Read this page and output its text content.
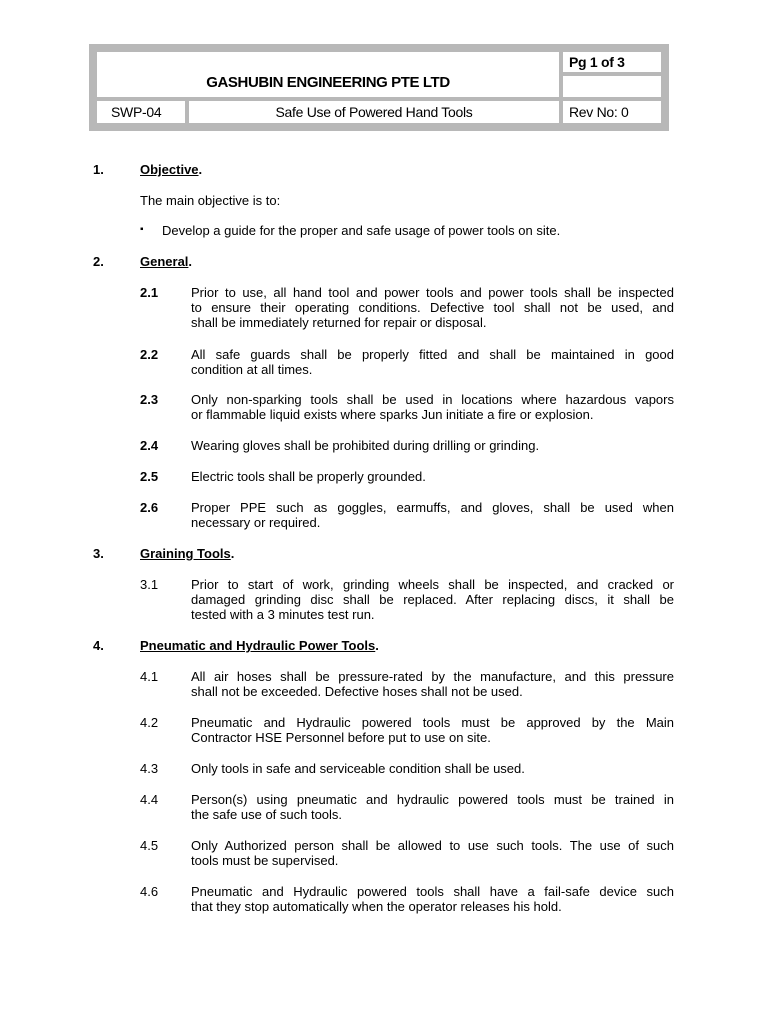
GASHUBIN ENGINEERING PTE LTD
Pg 1 of 3
SWP-04	Safe Use of Powered Hand Tools	Rev No: 0
1.	Objective.
The main objective is to:
▪ Develop a guide for the proper and safe usage of power tools on site.
2.	General.
2.1	Prior to use, all hand tool and power tools and power tools shall be inspected
to ensure their operating conditions. Defective tool shall not be used, and
shall be immediately returned for repair or disposal.
2.2	All safe guards shall be properly fitted and shall be maintained in good
condition at all times.
2.3	Only non-sparking tools shall be used in locations where hazardous vapors
or flammable liquid exists where sparks Jun initiate a fire or explosion.
2.4	Wearing gloves shall be prohibited during drilling or grinding.
2.5	Electric tools shall be properly grounded.
2.6	Proper PPE such as goggles, earmuffs, and gloves, shall be used when
necessary or required.
3.	Graining Tools.
3.1	Prior to start of work, grinding wheels shall be inspected, and cracked or
damaged grinding disc shall be replaced. After replacing discs, it shall be
tested with a 3 minutes test run.
4.	Pneumatic and Hydraulic Power Tools.
4.1	All air hoses shall be pressure-rated by the manufacture, and this pressure
shall not be exceeded. Defective hoses shall not be used.
4.2	Pneumatic and Hydraulic powered tools must be approved by the Main
Contractor HSE Personnel before put to use on site.
4.3	Only tools in safe and serviceable condition shall be used.
4.4	Person(s) using pneumatic and hydraulic powered tools must be trained in
the safe use of such tools.
4.5	Only Authorized person shall be allowed to use such tools. The use of such
tools must be supervised.
4.6	Pneumatic and Hydraulic powered tools shall have a fail-safe device such
that they stop automatically when the operator releases his hold.
